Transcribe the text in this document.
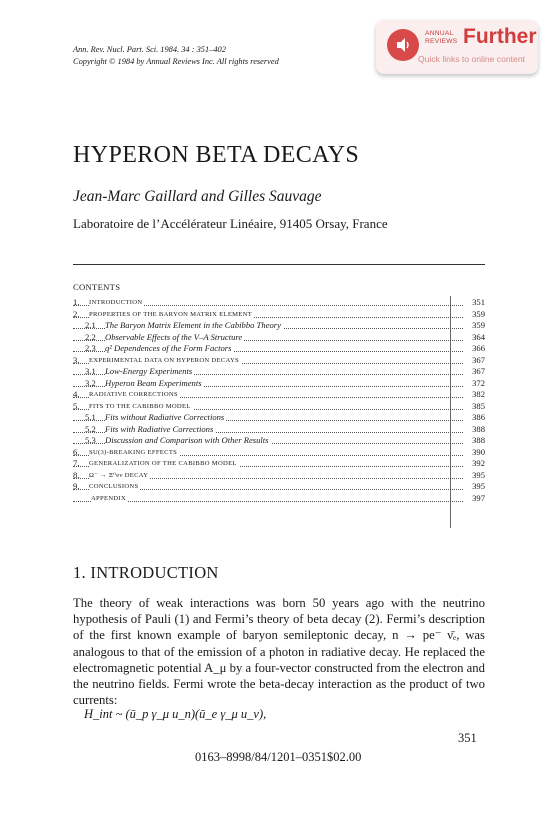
Ann. Rev. Nucl. Part. Sci. 1984. 34 : 351–402
Copyright © 1984 by Annual Reviews Inc. All rights reserved
ANNUAL
REVIEWS Further
Quick links to online content
HYPERON BETA DECAYS
Jean-Marc Gaillard and Gilles Sauvage
Laboratoire de l’Accélérateur Linéaire, 91405 Orsay, France
CONTENTS
1. INTRODUCTION	351
2. PROPERTIES OF THE BARYON MATRIX ELEMENT	359
2.1 The Baryon Matrix Element in the Cabibbo Theory	359
2.2 Observable Effects of the V–A Structure	364
2.3 q² Dependences of the Form Factors	366
3. EXPERIMENTAL DATA ON HYPERON DECAYS	367
3.1 Low-Energy Experiments	367
3.2 Hyperon Beam Experiments	372
4. RADIATIVE CORRECTIONS	382
5. FITS TO THE CABIBBO MODEL	385
5.1 Fits without Radiative Corrections	386
5.2 Fits with Radiative Corrections	388
5.3 Discussion and Comparison with Other Results	388
6. SU(3)-BREAKING EFFECTS	390
7. GENERALIZATION OF THE CABIBBO MODEL	392
8. Ω⁻ → Ξ⁰eν DECAY	395
9. CONCLUSIONS	395
APPENDIX	397
1. INTRODUCTION
The theory of weak interactions was born 50 years ago with the neutrino hypothesis of Pauli (1) and Fermi’s theory of beta decay (2). Fermi’s description of the first known example of baryon semileptonic decay, n → pe⁻ ν̄ₑ, was analogous to that of the emission of a photon in radiative decay. He replaced the electromagnetic potential A_μ by a four-vector constructed from the electron and the neutrino fields. Fermi wrote the beta-decay interaction as the product of two currents:
H_int ~ (ū_p γ_μ u_n)(ū_e γ_μ u_ν),
351
0163–8998/84/1201–0351$02.00
